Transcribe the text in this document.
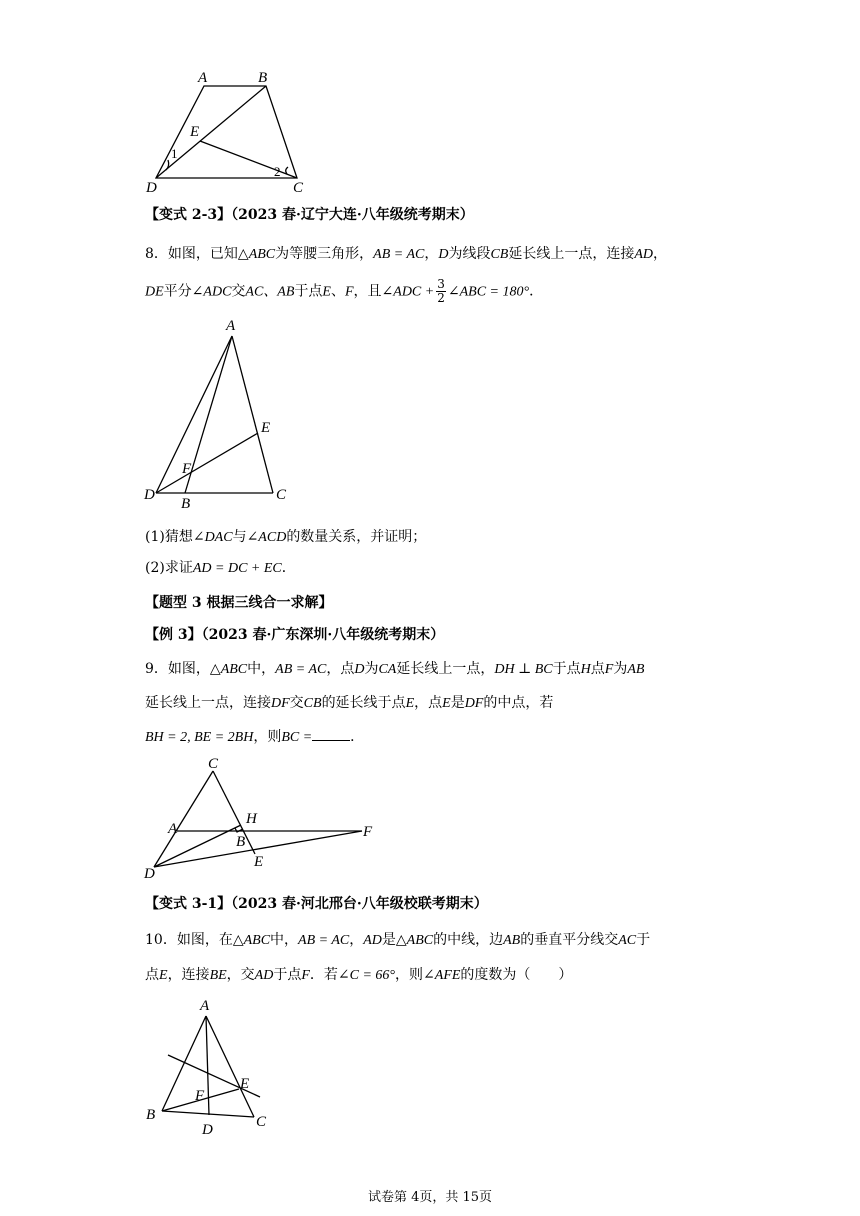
A	B
E
1
2
D	C
【变式 2-3】（2023 春·辽宁大连·八年级统考期末）
8．如图，已知△ABC为等腰三角形，AB = AC，D为线段CB延长线上一点，连接AD，
DE平分∠ADC交AC、AB于点E、F，且∠ADC + $\frac{3}{2}$ ∠ABC = 180°．
A
E
F
D
B
C
(1)猜想∠DAC与∠ACD的数量关系，并证明；
(2)求证AD = DC + EC．
【题型 3 根据三线合一求解】
【例 3】（2023 春·广东深圳·八年级统考期末）
9．如图，△ABC中，AB = AC，点D为CA延长线上一点，DH ⊥ BC于点H点F为AB
延长线上一点，连接DF交CB的延长线于点E，点E是DF的中点，若
BH = 2, BE = 2BH，则BC =	．
C
A
H
F
B
D
E
【变式 3-1】（2023 春·河北邢台·八年级校联考期末）
10．如图，在△ABC中，AB = AC，AD是△ABC的中线，边AB的垂直平分线交AC于
点E，连接BE，交AD于点F．若∠C = 66°，则∠AFE的度数为（　　）
A
F
E
B
D	C
试卷第 4页，共 15页
